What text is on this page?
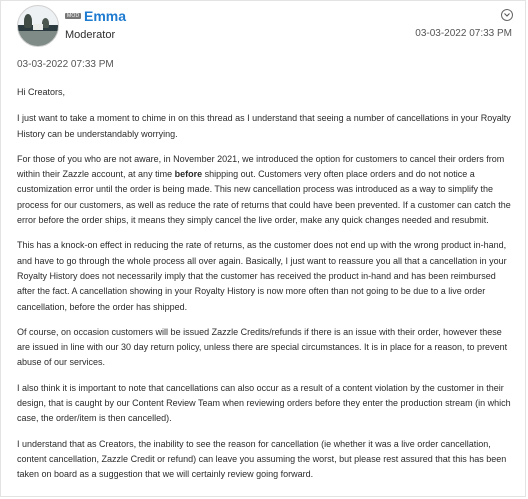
MOD Emma
Moderator	03-03-2022 07:33 PM
03-03-2022 07:33 PM

Hi Creators,

I just want to take a moment to chime in on this thread as I understand that seeing a number of cancellations in your Royalty History can be understandably worrying.

For those of you who are not aware, in November 2021, we introduced the option for customers to cancel their orders from within their Zazzle account, at any time before shipping out. Customers very often place orders and do not notice a customization error until the order is being made. This new cancellation process was introduced as a way to simplify the process for our customers, as well as reduce the rate of returns that could have been prevented. If a customer can catch the error before the order ships, it means they simply cancel the live order, make any quick changes needed and resubmit.

This has a knock-on effect in reducing the rate of returns, as the customer does not end up with the wrong product in-hand, and have to go through the whole process all over again. Basically, I just want to reassure you all that a cancellation in your Royalty History does not necessarily imply that the customer has received the product in-hand and has been reimbursed after the fact. A cancellation showing in your Royalty History is now more often than not going to be due to a live order cancellation, before the order has shipped.

Of course, on occasion customers will be issued Zazzle Credits/refunds if there is an issue with their order, however these are issued in line with our 30 day return policy, unless there are special circumstances. It is in place for a reason, to prevent abuse of our services.

I also think it is important to note that cancellations can also occur as a result of a content violation by the customer in their design, that is caught by our Content Review Team when reviewing orders before they enter the production stream (in which case, the order/item is then cancelled).

I understand that as Creators, the inability to see the reason for cancellation (ie whether it was a live order cancellation, content cancellation, Zazzle Credit or refund) can leave you assuming the worst, but please rest assured that this has been taken on board as a suggestion that we will certainly review going forward.
